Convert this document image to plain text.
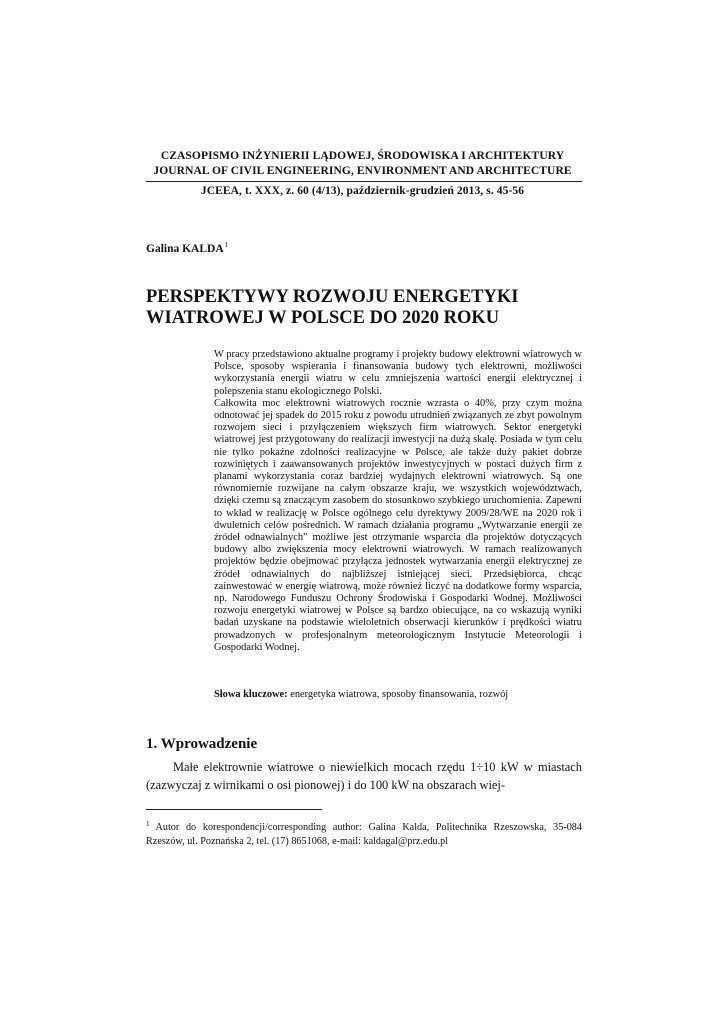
CZASOPISMO INŻYNIERII LĄDOWEJ, ŚRODOWISKA I ARCHITEKTURY
JOURNAL OF CIVIL ENGINEERING, ENVIRONMENT AND ARCHITECTURE
JCEEA, t. XXX, z. 60 (4/13), październik-grudzień 2013, s. 45-56
Galina KALDA$^1$
PERSPEKTYWY ROZWOJU ENERGETYKI
WIATROWEJ W POLSCE DO 2020 ROKU

W pracy przedstawiono aktualne programy i projekty budowy elektrowni wiatrowych w Polsce, sposoby wspierania i finansowania budowy tych elektrowni, możliwości wykorzystania energii wiatru w celu zmniejszenia wartości energii elektrycznej i polepszenia stanu ekologicznego Polski.

Całkowita moc elektrowni wiatrowych rocznie wzrasta o 40%, przy czym można odnotować jej spadek do 2015 roku z powodu utrudnień związanych ze zbyt powolnym rozwojem sieci i przyłączeniem większych firm wiatrowych. Sektor energetyki wiatrowej jest przygotowany do realizacji inwestycji na dużą skalę. Posiada w tym celu nie tylko pokaźne zdolności realizacyjne w Polsce, ale także duży pakiet dobrze rozwiniętych i zaawansowanych projektów inwestycyjnych w postaci dużych firm z planami wykorzystania coraz bardziej wydajnych elektrowni wiatrowych. Są one równomiernie rozwijane na całym obszarze kraju, we wszystkich województwach, dzięki czemu są znaczącym zasobem do stosunkowo szybkiego uruchomienia. Zapewni to wkład w realizację w Polsce ogólnego celu dyrektywy 2009/28/WE na 2020 rok i dwuletnich celów pośrednich. W ramach działania programu „Wytwarzanie energii ze źródeł odnawialnych” możliwe jest otrzymanie wsparcia dla projektów dotyczących budowy albo zwiększenia mocy elektrowni wiatrowych. W ramach realizowanych projektów będzie obejmować przyłącza jednostek wytwarzania energii elektrycznej ze źródeł odnawialnych do najbliższej istniejącej sieci. Przedsiębiorca, chcąc zainwestować w energię wiatrową, może również liczyć na dodatkowe formy wsparcia, np. Narodowego Funduszu Ochrony Środowiska i Gospodarki Wodnej. Możliwości rozwoju energetyki wiatrowej w Polsce są bardzo obiecujące, na co wskazują wyniki badań uzyskane na podstawie wieloletnich obserwacji kierunków i prędkości wiatru prowadzonych w profesjonalnym meteorologicznym Instytucie Meteorologii i Gospodarki Wodnej.

Słowa kluczowe: energetyka wiatrowa, sposoby finansowania, rozwój
1. Wprowadzenie
Małe elektrownie wiatrowe o niewielkich mocach rzędu 1÷10 kW w miastach (zazwyczaj z wirnikami o osi pionowej) i do 100 kW na obszarach wiej-
$^1$ Autor do korespondencji/corresponding author: Galina Kalda, Politechnika Rzeszowska, 35-084 Rzeszów, ul. Poznańska 2, tel. (17) 8651068, e-mail: kaldagal@prz.edu.pl
